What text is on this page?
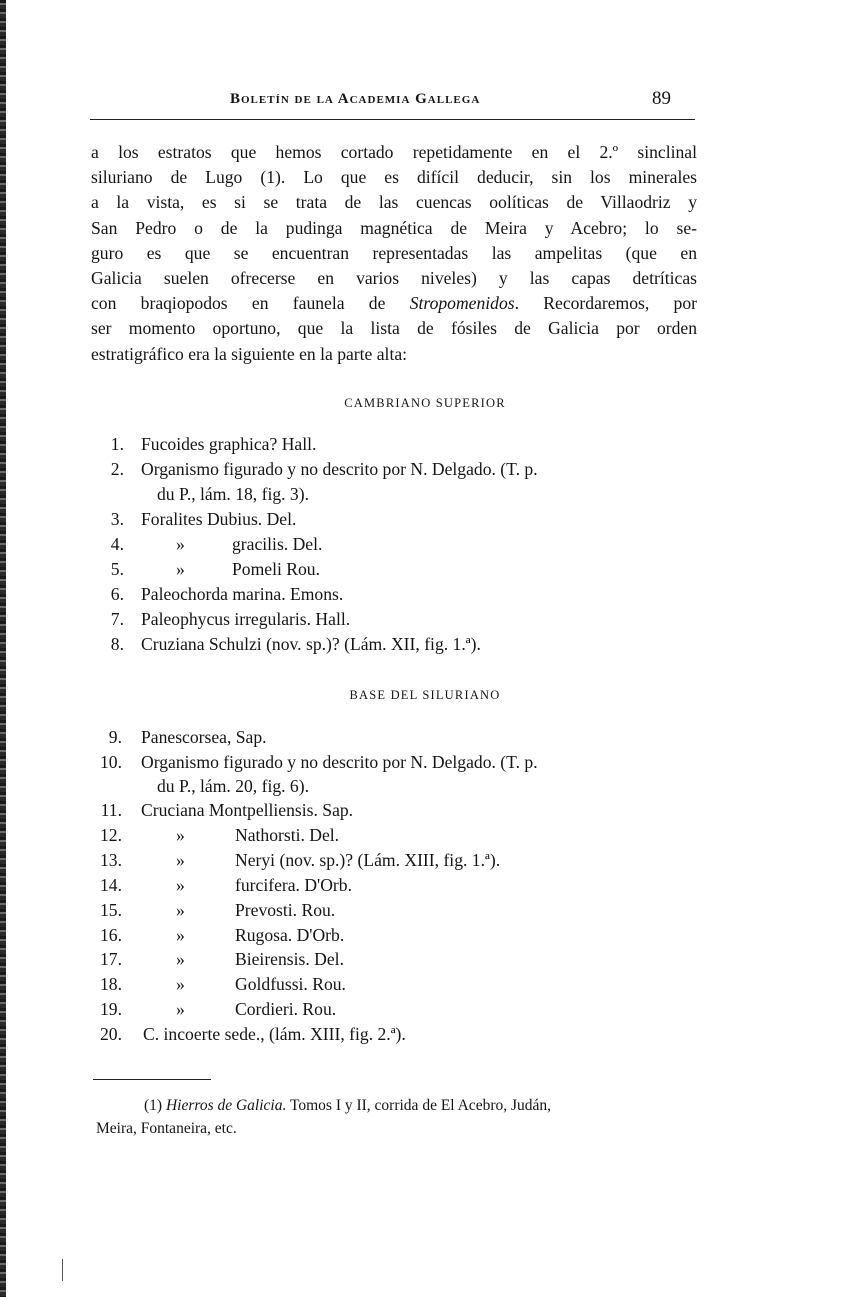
Boletín de la Academia Gallega	89
a los estratos que hemos cortado repetidamente en el 2.º sinclinal
siluriano de Lugo (1). Lo que es difícil deducir, sin los minerales
a la vista, es si se trata de las cuencas oolíticas de Villaodriz y
San Pedro o de la pudinga magnética de Meira y Acebro; lo se-
guro es que se encuentran representadas las ampelitas (que en
Galicia suelen ofrecerse en varios niveles) y las capas detríticas
con braqiopodos en faunela de Stropomenidos. Recordaremos, por
ser momento oportuno, que la lista de fósiles de Galicia por orden
estratigráfico era la siguiente en la parte alta:
CAMBRIANO SUPERIOR
1. Fucoides graphica? Hall.
2. Organismo figurado y no descrito por N. Delgado. (T. p.
du P., lám. 18, fig. 3).
3. Foralites Dubius. Del.
4.	»	gracilis. Del.
5.	»	Pomeli Rou.
6. Paleochorda marina. Emons.
7. Paleophycus irregularis. Hall.
8. Cruziana Schulzi (nov. sp.)? (Lám. XII, fig. 1.ª).
BASE DEL SILURIANO
9. Panescorsea, Sap.
10. Organismo figurado y no descrito por N. Delgado. (T. p.
du P., lám. 20, fig. 6).
11. Cruciana Montpelliensis. Sap.
12.	»	Nathorsti. Del.
13.	»	Neryi (nov. sp.)? (Lám. XIII, fig. 1.ª).
14.	»	furcifera. D'Orb.
15.	»	Prevosti. Rou.
16.	»	Rugosa. D'Orb.
17.	»	Bieirensis. Del.
18.	»	Goldfussi. Rou.
19.	»	Cordieri. Rou.
20. C. incoerte sede., (lám. XIII, fig. 2.ª).
(1) Hierros de Galicia. Tomos I y II, corrida de El Acebro, Judán,
Meira, Fontaneira, etc.
